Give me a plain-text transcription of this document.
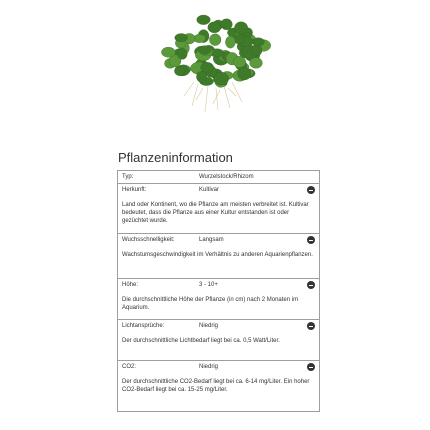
Pflanzeninformation
Typ:	Wurzelstock/Rhizom
Herkunft:	Kultivar
Land oder Kontinent, wo die Pflanze am meisten verbreitet ist. Kultivar bedeutet, dass die Pflanze aus einer Kultur entstanden ist oder gezüchtet wurde.
Wuchsschnelligkeit:	Langsam
Wachstumsgeschwindigkeit im Verhältnis zu anderen Aquarienpflanzen.
Höhe:	3 - 10+
Die durchschnittliche Höhe der Pflanze (in cm) nach 2 Monaten im Aquarium.
Lichtansprüche:	Niedrig
Der durchschnittliche Lichtbedarf liegt bei ca. 0,5 Watt/Liter.
CO2:	Niedrig
Der durchschnittliche CO2-Bedarf liegt bei ca. 6-14 mg/Liter. Ein hoher CO2-Bedarf liegt bei ca. 15-25 mg/Liter.
